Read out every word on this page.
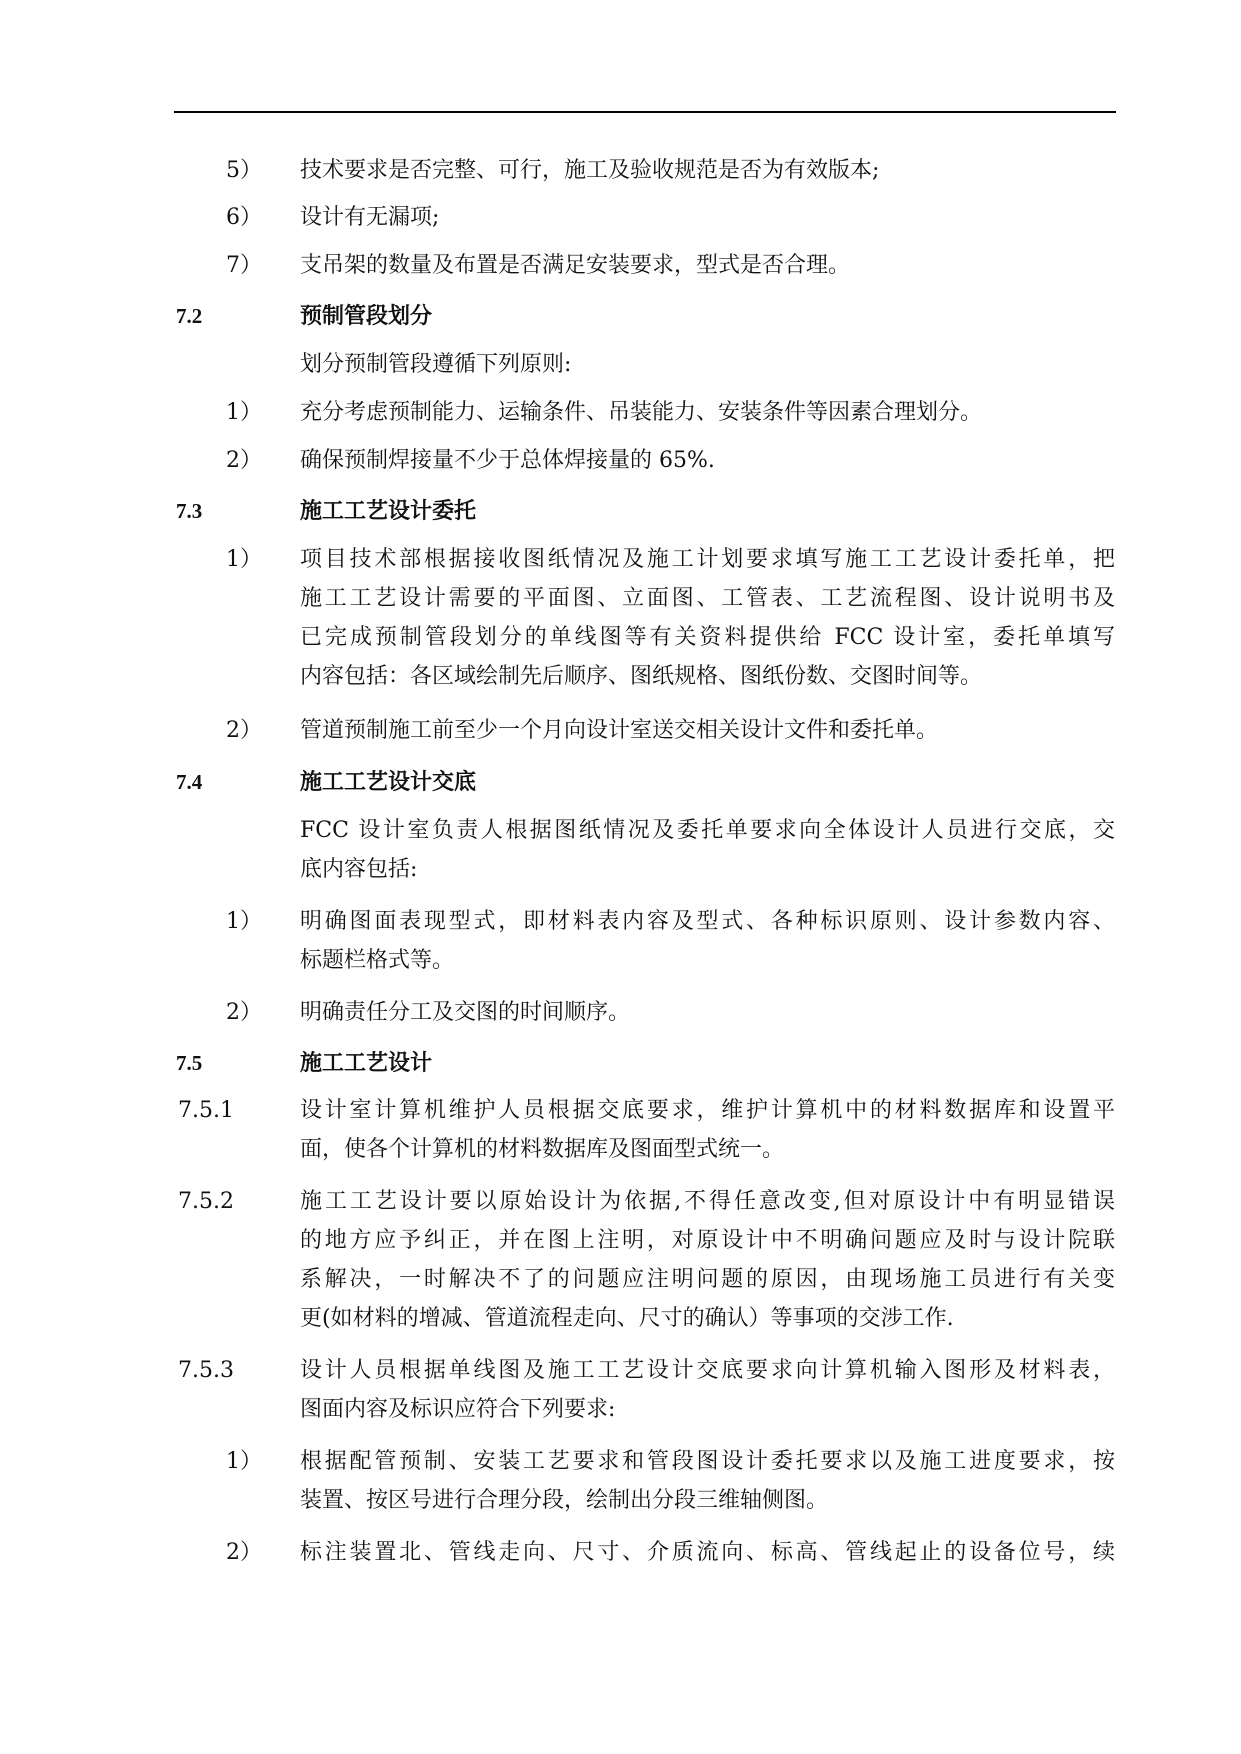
5） 技术要求是否完整、可行，施工及验收规范是否为有效版本;
6） 设计有无漏项;
7） 支吊架的数量及布置是否满足安装要求，型式是否合理。
7.2	预制管段划分
划分预制管段遵循下列原则:
1） 充分考虑预制能力、运输条件、吊装能力、安装条件等因素合理划分。
2） 确保预制焊接量不少于总体焊接量的 65%.
7.3	施工工艺设计委托
1） 项目技术部根据接收图纸情况及施工计划要求填写施工工艺设计委托单，把
施工工艺设计需要的平面图、立面图、工管表、工艺流程图、设计说明书及
已完成预制管段划分的单线图等有关资料提供给 FCC 设计室，委托单填写
内容包括：各区域绘制先后顺序、图纸规格、图纸份数、交图时间等。
2） 管道预制施工前至少一个月向设计室送交相关设计文件和委托单。
7.4	施工工艺设计交底
FCC 设计室负责人根据图纸情况及委托单要求向全体设计人员进行交底，交
底内容包括:
1） 明确图面表现型式，即材料表内容及型式、各种标识原则、设计参数内容、
标题栏格式等。
2） 明确责任分工及交图的时间顺序。
7.5	施工工艺设计
7.5.1	设计室计算机维护人员根据交底要求，维护计算机中的材料数据库和设置平
面，使各个计算机的材料数据库及图面型式统一。
7.5.2	施工工艺设计要以原始设计为依据,不得任意改变,但对原设计中有明显错误
的地方应予纠正，并在图上注明，对原设计中不明确问题应及时与设计院联
系解决，一时解决不了的问题应注明问题的原因，由现场施工员进行有关变
更(如材料的增减、管道流程走向、尺寸的确认）等事项的交涉工作.
7.5.3	设计人员根据单线图及施工工艺设计交底要求向计算机输入图形及材料表，
图面内容及标识应符合下列要求:
1） 根据配管预制、安装工艺要求和管段图设计委托要求以及施工进度要求，按
装置、按区号进行合理分段，绘制出分段三维轴侧图。
2） 标注装置北、管线走向、尺寸、介质流向、标高、管线起止的设备位号，续
